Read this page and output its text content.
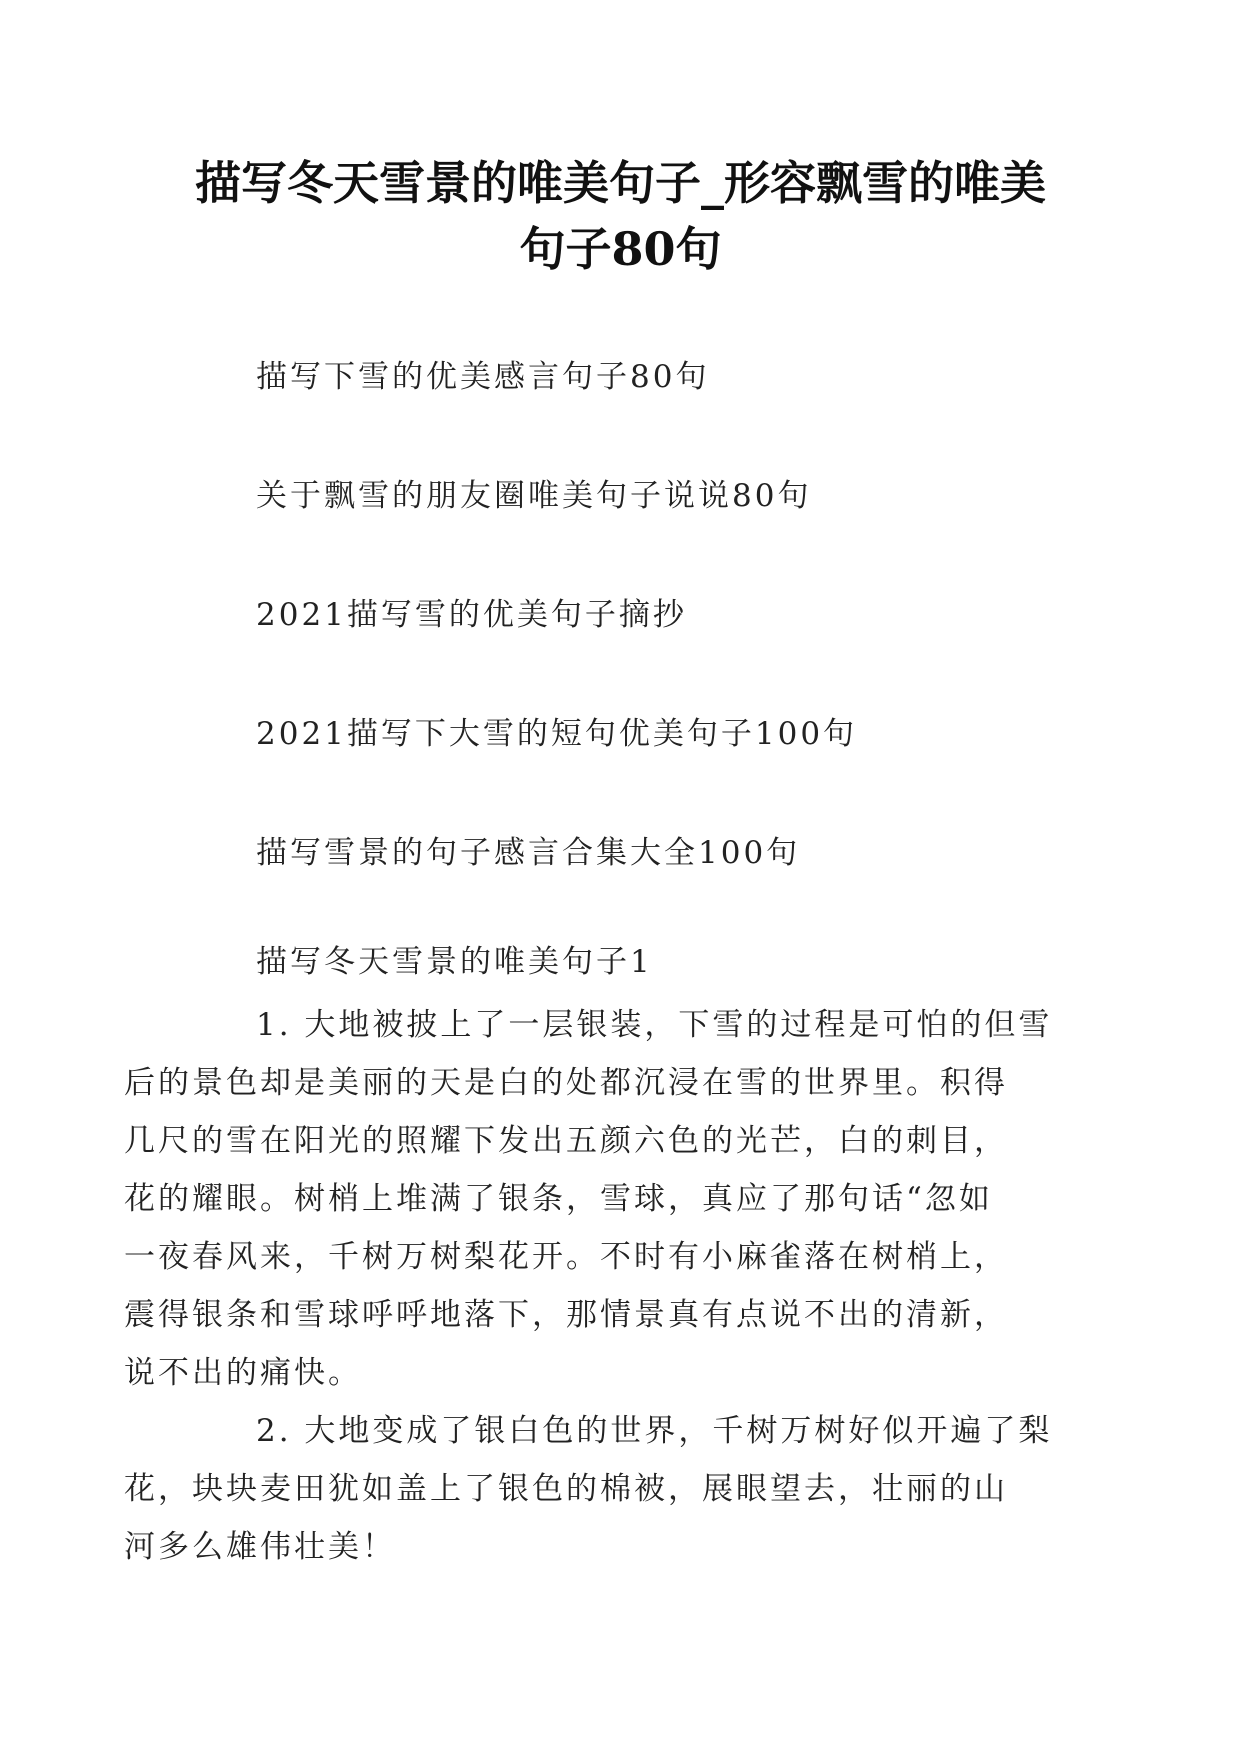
描写冬天雪景的唯美句子_形容飘雪的唯美
句子80句
描写下雪的优美感言句子80句
关于飘雪的朋友圈唯美句子说说80句
2021描写雪的优美句子摘抄
2021描写下大雪的短句优美句子100句
描写雪景的句子感言合集大全100句
描写冬天雪景的唯美句子1

1. 大地被披上了一层银装，下雪的过程是可怕的但雪
后的景色却是美丽的天是白的处都沉浸在雪的世界里。积得
几尺的雪在阳光的照耀下发出五颜六色的光芒，白的刺目，
花的耀眼。树梢上堆满了银条，雪球，真应了那句话“忽如
一夜春风来，千树万树梨花开。不时有小麻雀落在树梢上，
震得银条和雪球呼呼地落下，那情景真有点说不出的清新，
说不出的痛快。

2. 大地变成了银白色的世界，千树万树好似开遍了梨
花，块块麦田犹如盖上了银色的棉被，展眼望去，壮丽的山
河多么雄伟壮美！
